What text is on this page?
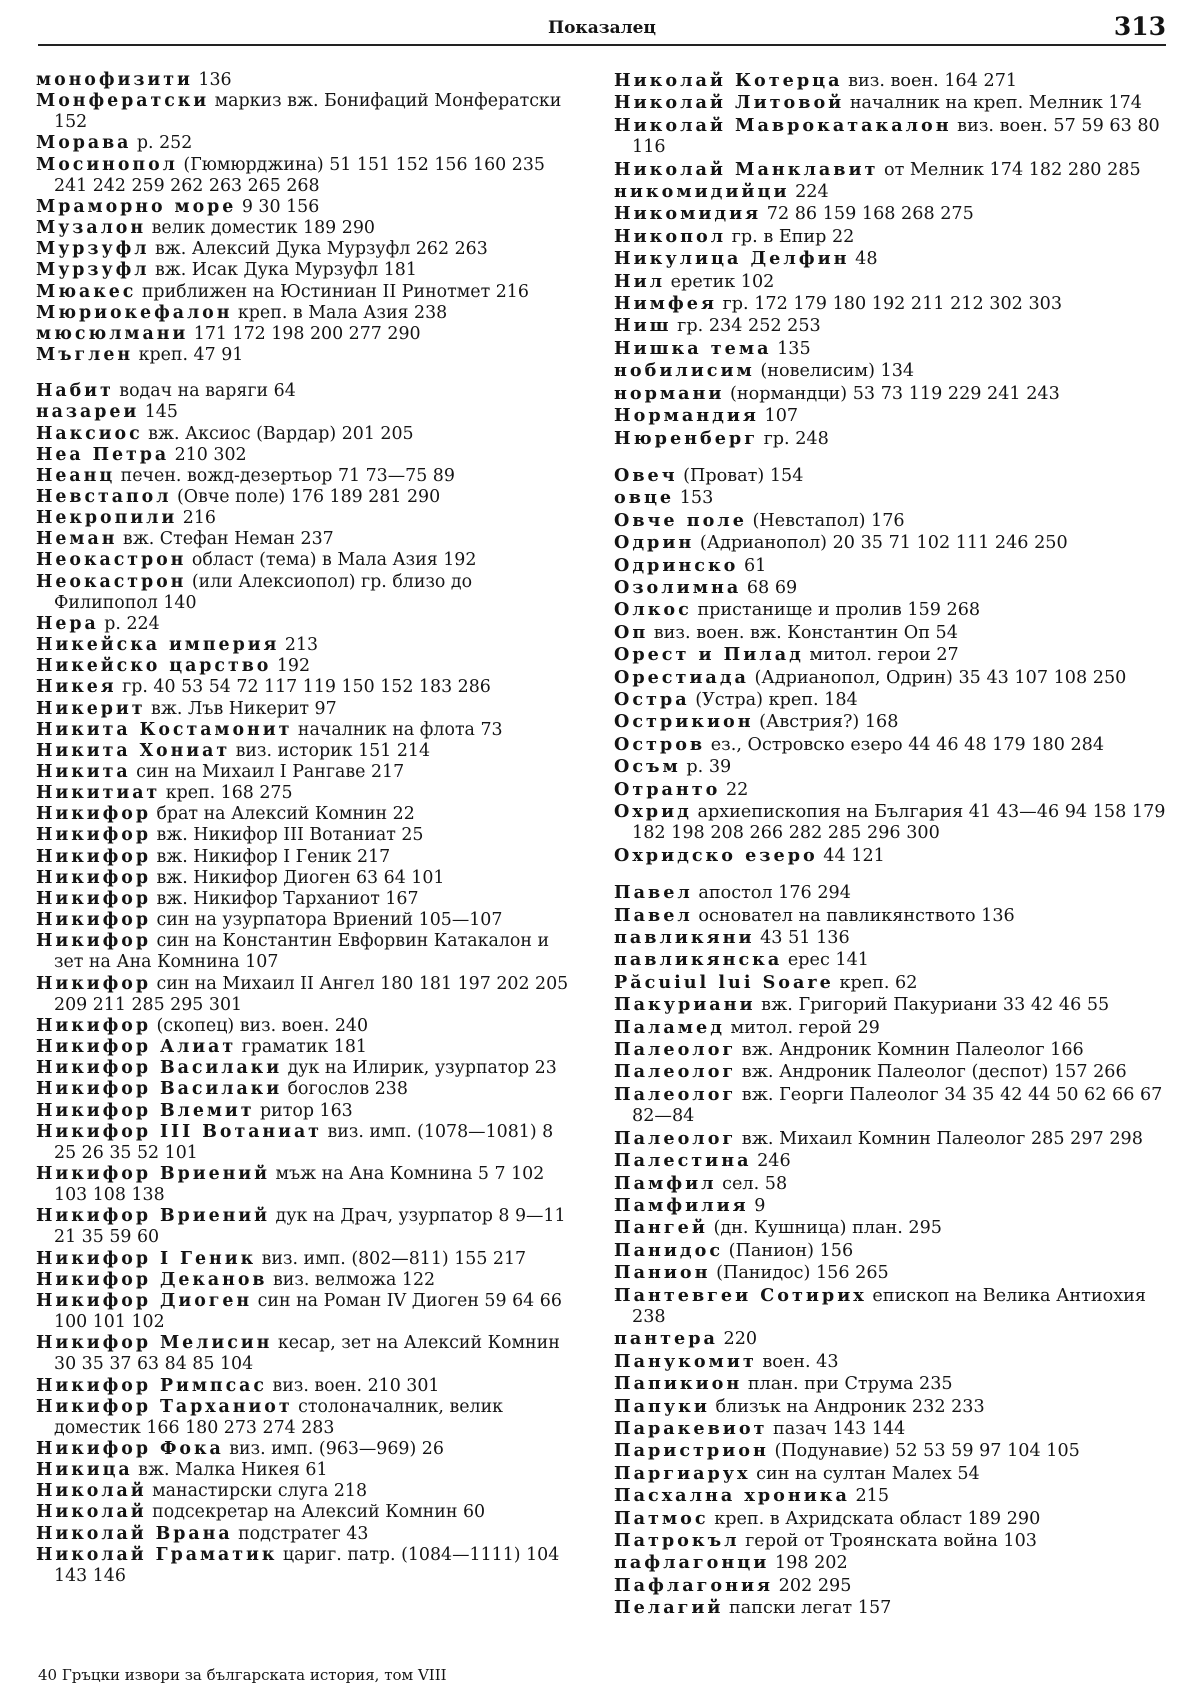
Показалец	313
монофизити 136
Монфератски маркиз вж. Бонифаций Монфератски 152
Морава р. 252
Мосинопол (Гюмюрджина) 51 151 152 156 160 235 241 242 259 262 263 265 268
Мраморно море 9 30 156
Музалон велик доместик 189 290
Мурзуфл вж. Алексий Дука Мурзуфл 262 263
Мурзуфл вж. Исак Дука Мурзуфл 181
Мюакес приближен на Юстиниан II Ринотмет 216
Мюриокефалон креп. в Мала Азия 238
мюсюлмани 171 172 198 200 277 290
Мъглен креп. 47 91
Набит водач на варяги 64
назареи 145
Наксиос вж. Аксиос (Вардар) 201 205
Неа Петра 210 302
Неанц печен. вожд-дезертьор 71 73—75 89
Невстапол (Овче поле) 176 189 281 290
Некропили 216
Неман вж. Стефан Неман 237
Неокастрон област (тема) в Мала Азия 192
Неокастрон (или Алексиопол) гр. близо до Филипопол 140
Нера р. 224
Никейска империя 213
Никейско царство 192
Никея гр. 40 53 54 72 117 119 150 152 183 286
Никерит вж. Лъв Никерит 97
Никита Костамонит началник на флота 73
Никита Хониат виз. историк 151 214
Никита син на Михаил I Рангаве 217
Никитиат креп. 168 275
Никифор брат на Алексий Комнин 22
Никифор вж. Никифор III Вотаниат 25
Никифор вж. Никифор I Геник 217
Никифор вж. Никифор Диоген 63 64 101
Никифор вж. Никифор Тарханиот 167
Никифор син на узурпатора Вриений 105—107
Никифор син на Константин Евфорвин Катакалон и зет на Ана Комнина 107
Никифор син на Михаил II Ангел 180 181 197 202 205 209 211 285 295 301
Никифор (скопец) виз. воен. 240
Никифор Алиат граматик 181
Никифор Василаки дук на Илирик, узурпатор 23
Никифор Василаки богослов 238
Никифор Влемит ритор 163
Никифор III Вотаниат виз. имп. (1078—1081) 8 25 26 35 52 101
Никифор Вриений мъж на Ана Комнина 5 7 102 103 108 138
Никифор Вриений дук на Драч, узурпатор 8 9—11 21 35 59 60
Никифор I Геник виз. имп. (802—811) 155 217
Никифор Деканов виз. велможа 122
Никифор Диоген син на Роман IV Диоген 59 64 66 100 101 102
Никифор Мелисин кесар, зет на Алексий Комнин 30 35 37 63 84 85 104
Никифор Римпсас виз. воен. 210 301
Никифор Тарханиот столоначалник, велик доместик 166 180 273 274 283
Никифор Фока виз. имп. (963—969) 26
Никица вж. Малка Никея 61
Николай манастирски слуга 218
Николай подсекретар на Алексий Комнин 60
Николай Врана подстрaтег 43
Николай Граматик цариг. патр. (1084—1111) 104 143 146
Николай Котерца виз. воен. 164 271
Николай Литовой началник на креп. Мелник 174
Николай Маврокатакалон виз. воен. 57 59 63 80 116
Николай Манклавит от Мелник 174 182 280 285
никомидийци 224
Никомидия 72 86 159 168 268 275
Никопол гр. в Епир 22
Никулица Делфин 48
Нил еретик 102
Нимфея гр. 172 179 180 192 211 212 302 303
Ниш гр. 234 252 253
Нишка тема 135
нобилисим (новелисим) 134
нормани (нормандци) 53 73 119 229 241 243
Нормандия 107
Нюренберг гр. 248
Овеч (Проват) 154
овце 153
Овче поле (Невстапол) 176
Одрин (Адрианопол) 20 35 71 102 111 246 250
Одринско 61
Озолимна 68 69
Олкос пристанище и пролив 159 268
Оп виз. воен. вж. Константин Оп 54
Орест и Пилад митол. герои 27
Орестиада (Адрианопол, Одрин) 35 43 107 108 250
Остра (Устра) креп. 184
Острикион (Австрия?) 168
Остров ез., Островско езеро 44 46 48 179 180 284
Осъм р. 39
Отранто 22
Охрид архиепископия на България 41 43—46 94 158 179 182 198 208 266 282 285 296 300
Охридско езеро 44 121
Павел апостол 176 294
Павел основател на павликянството 136
павликяни 43 51 136
павликянска ерес 141
Păcuiul lui Soare креп. 62
Пакуриани вж. Григорий Пакуриани 33 42 46 55
Паламед митол. герой 29
Палеолог вж. Андроник Комнин Палеолог 166
Палеолог вж. Андроник Палеолог (деспот) 157 266
Палеолог вж. Георги Палеолог 34 35 42 44 50 62 66 67 82—84
Палеолог вж. Михаил Комнин Палеолог 285 297 298
Палестина 246
Памфил сел. 58
Памфилия 9
Пангей (дн. Кушница) план. 295
Панидос (Панион) 156
Панион (Панидос) 156 265
Пантевгеи Сотирих епископ на Велика Антиохия 238
пантера 220
Панукомит воен. 43
Папикион план. при Струма 235
Папуки близък на Андроник 232 233
Паракевиот пазач 143 144
Паристрион (Подунавие) 52 53 59 97 104 105
Паргиарух син на султан Малех 54
Пасхална хроника 215
Патмос креп. в Ахридската област 189 290
Патрокъл герой от Троянската война 103
пафлагонци 198 202
Пафлагония 202 295
Пелагий папски легат 157
40 Гръцки извори за българската история, том VIII
